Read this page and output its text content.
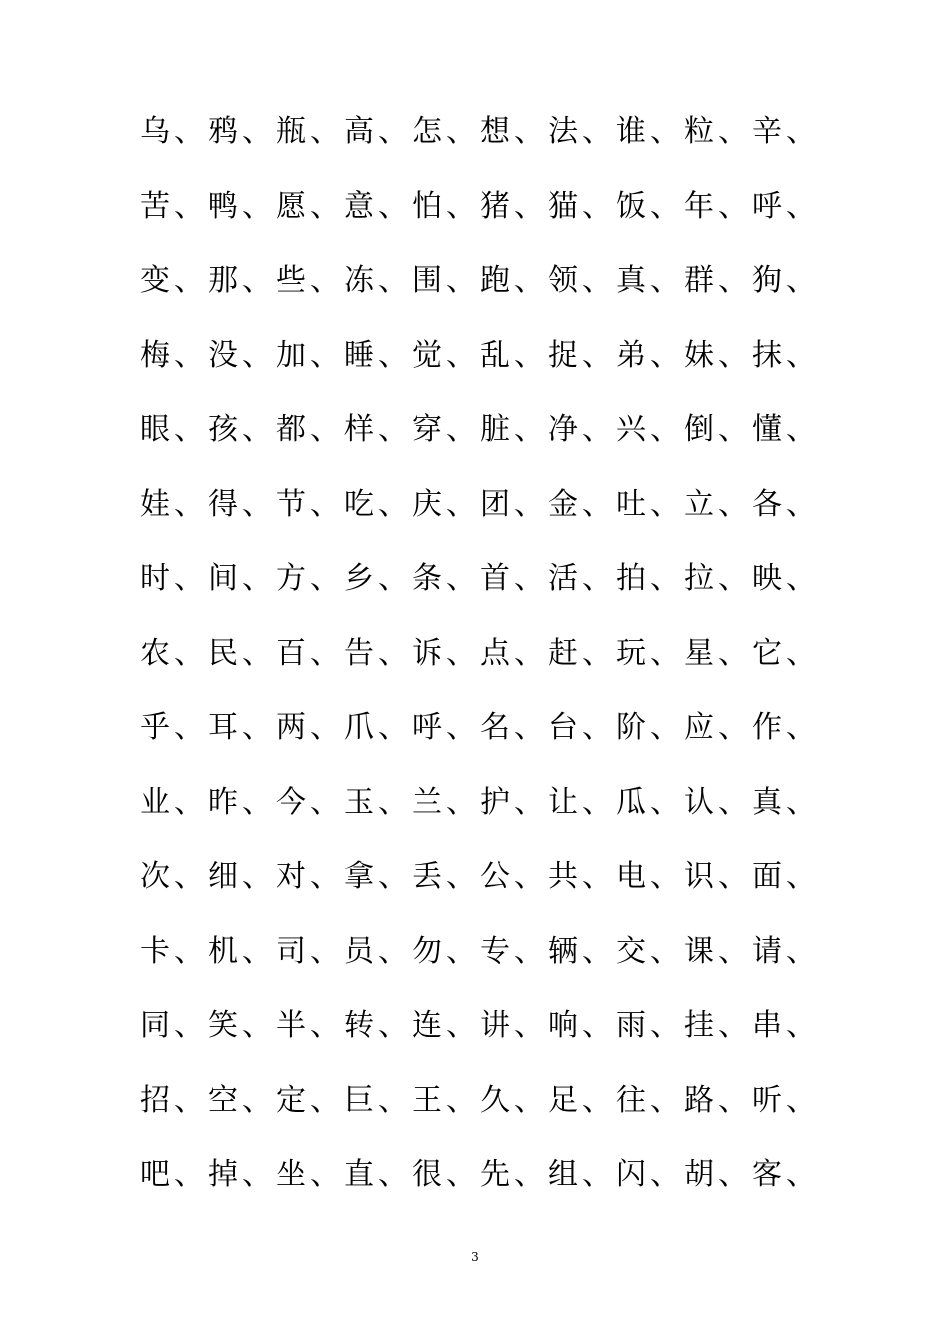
乌、鸦、瓶、高、怎、想、法、谁、粒、辛、
苦、鸭、愿、意、怕、猪、猫、饭、年、呼、
变、那、些、冻、围、跑、领、真、群、狗、
梅、没、加、睡、觉、乱、捉、弟、妹、抹、
眼、孩、都、样、穿、脏、净、兴、倒、懂、
娃、得、节、吃、庆、团、金、吐、立、各、
时、间、方、乡、条、首、活、拍、拉、映、
农、民、百、告、诉、点、赶、玩、星、它、
乎、耳、两、爪、呼、名、台、阶、应、作、
业、昨、今、玉、兰、护、让、瓜、认、真、
次、细、对、拿、丢、公、共、电、识、面、
卡、机、司、员、勿、专、辆、交、课、请、
同、笑、半、转、连、讲、响、雨、挂、串、
招、空、定、巨、王、久、足、往、路、听、
吧、掉、坐、直、很、先、组、闪、胡、客、
3
